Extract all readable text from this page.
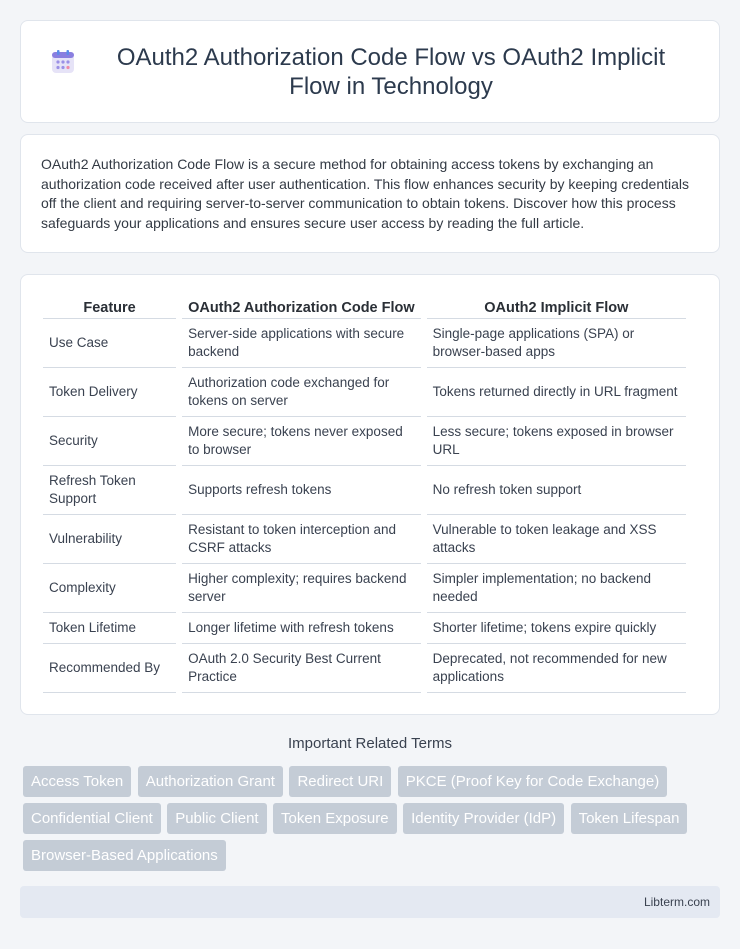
OAuth2 Authorization Code Flow vs OAuth2 Implicit Flow in Technology

OAuth2 Authorization Code Flow is a secure method for obtaining access tokens by exchanging an authorization code received after user authentication. This flow enhances security by keeping credentials off the client and requiring server-to-server communication to obtain tokens. Discover how this process safeguards your applications and ensures secure user access by reading the full article.

Feature	OAuth2 Authorization Code Flow	OAuth2 Implicit Flow
Use Case	Server-side applications with secure backend	Single-page applications (SPA) or browser-based apps
Token Delivery	Authorization code exchanged for tokens on server	Tokens returned directly in URL fragment
Security	More secure; tokens never exposed to browser	Less secure; tokens exposed in browser URL
Refresh Token Support	Supports refresh tokens	No refresh token support
Vulnerability	Resistant to token interception and CSRF attacks	Vulnerable to token leakage and XSS attacks
Complexity	Higher complexity; requires backend server	Simpler implementation; no backend needed
Token Lifetime	Longer lifetime with refresh tokens	Shorter lifetime; tokens expire quickly
Recommended By	OAuth 2.0 Security Best Current Practice	Deprecated, not recommended for new applications
Important Related Terms
Access Token Authorization Grant Redirect URI PKCE (Proof Key for Code Exchange) Confidential Client Public Client Token Exposure Identity Provider (IdP) Token Lifespan Browser-Based Applications
Libterm.com
